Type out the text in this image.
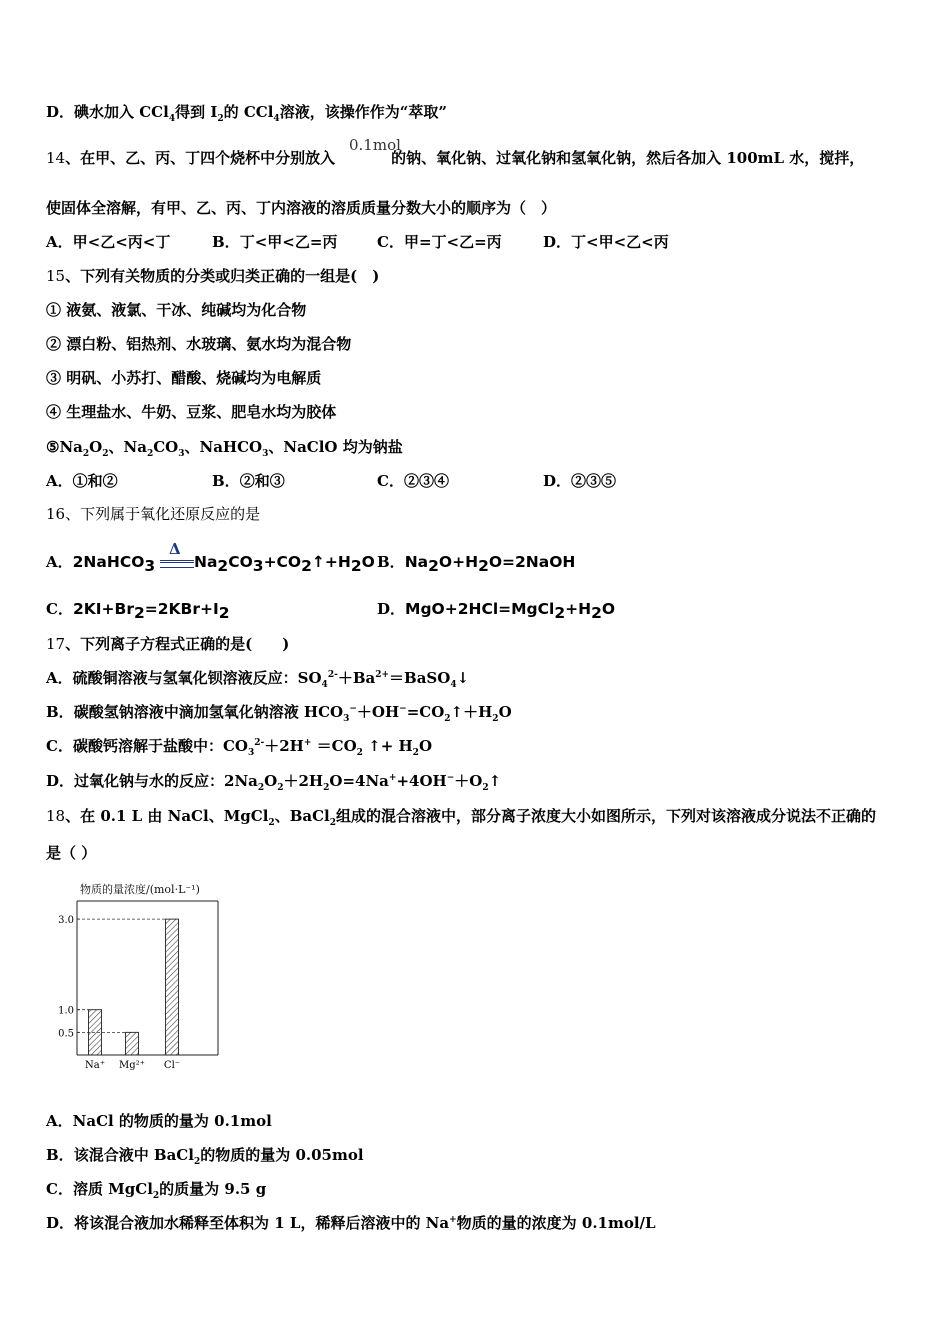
D．碘水加入 CCl$_4$得到 $I_2$的 CCl$_4$溶液，该操作作为“萃取”
14、在甲、乙、丙、丁四个烧杯中分别放入	的钠、氧化钠、过氧化钠和氢氧化钠，然后各加入 100mL 水，搅拌，
0.1mol
使固体全溶解，有甲、乙、丙、丁内溶液的溶质质量分数大小的顺序为（　）
A．甲<乙<丙<丁	B．丁<甲<乙=丙	C．甲=丁<乙=丙	D．丁<甲<乙<丙
15、下列有关物质的分类或归类正确的一组是(　)
① 液氨、液氯、干冰、纯碱均为化合物
② 漂白粉、铝热剂、水玻璃、氨水均为混合物
③ 明矾、小苏打、醋酸、烧碱均为电解质
④ 生理盐水、牛奶、豆浆、肥皂水均为胶体
$⑤Na_2O_2$、$Na_2CO_3$、NaHCO$_3$、NaClO 均为钠盐
A．①和②	B．②和③	C．②③④	D．②③⑤
16、下列属于氧化还原反应的是
A．2NaHCO$_3$
Δ
$Na_2CO_3+CO_2↑+H_2O$ B．$Na_2O+H_2O=2NaOH$
C．$2KI+Br_2=2KBr+I_2$	D．$MgO+2HCl=MgCl_2+H_2O$
17、下列离子方程式正确的是(　　)
A．硫酸铜溶液与氢氧化钡溶液反应：$SO_4^{2-}+Ba^{2+}=BaSO_4↓$
B．碳酸氢钠溶液中滴加氢氧化钠溶液 $HCO_3^-+OH^-=CO_2↑+H_2O$
C．碳酸钙溶解于盐酸中：$CO_3^{2-}+2H^+ =CO_2$ ↑+ $H_2O$
D．过氧化钠与水的反应：$2Na_2O_2+2H_2O=4Na^++4OH^-+O_2↑$
18、在 0.1 L 由 NaCl、MgCl$_2$、BaCl$_2$组成的混合溶液中，部分离子浓度大小如图所示，下列对该溶液成分说法不正确的
是（ ）
物质的量浓度/(mol·L⁻¹)
3.0
1.0
0.5
Na⁺ Mg²⁺ Cl⁻
A．NaCl 的物质的量为 0.1mol
B．该混合液中 BaCl$_2$的物质的量为 0.05mol
C．溶质 MgCl$_2$的质量为 9.5 g
D．将该混合液加水稀释至体积为 1 L，稀释后溶液中的 Na+物质的量的浓度为 0.1mol/L
